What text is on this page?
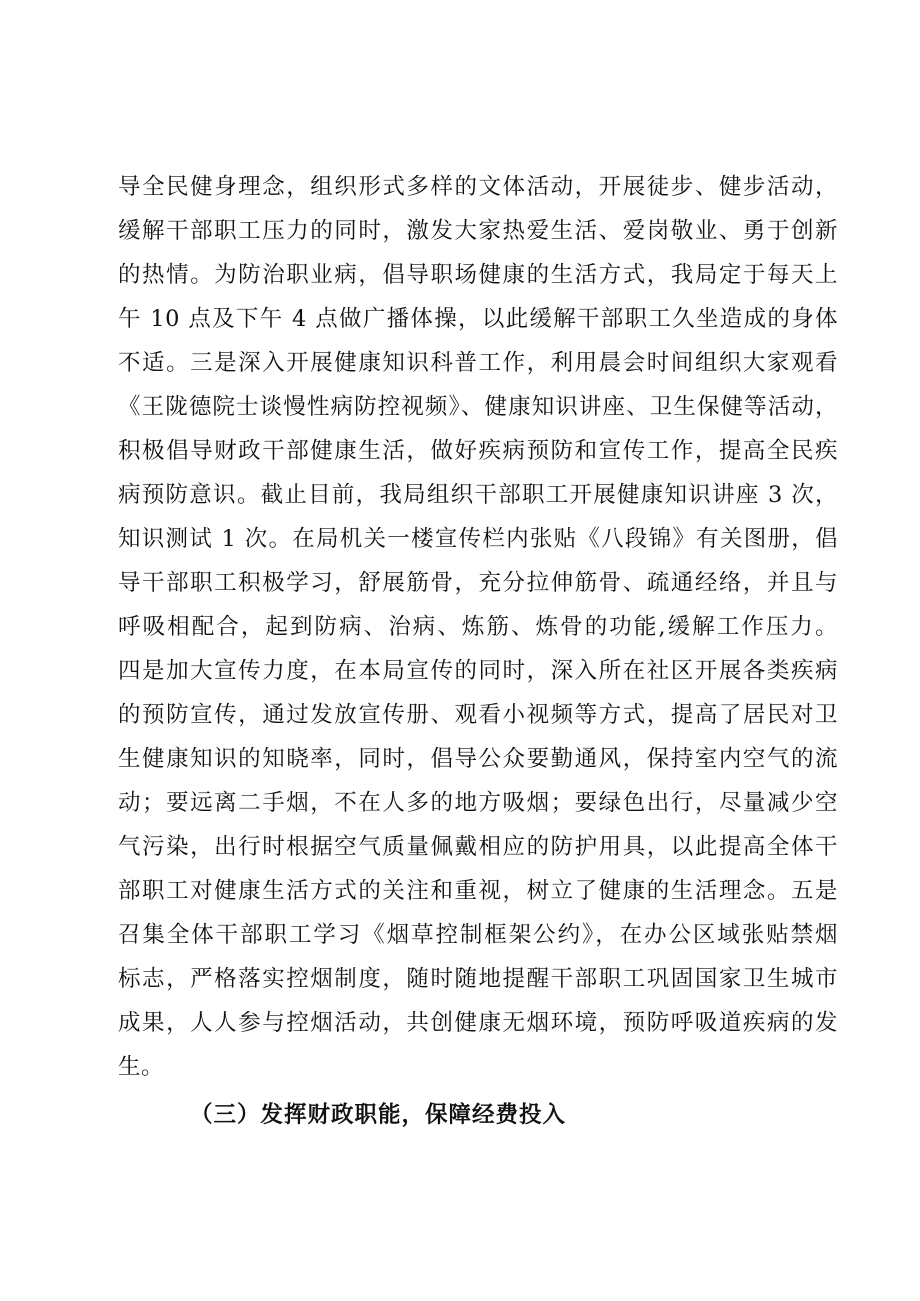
导全民健身理念，组织形式多样的文体活动，开展徒步、健步活动，
缓解干部职工压力的同时，激发大家热爱生活、爱岗敬业、勇于创新
的热情。为防治职业病，倡导职场健康的生活方式，我局定于每天上
午 10 点及下午 4 点做广播体操，以此缓解干部职工久坐造成的身体
不适。三是深入开展健康知识科普工作，利用晨会时间组织大家观看
《王陇德院士谈慢性病防控视频》、健康知识讲座、卫生保健等活动，
积极倡导财政干部健康生活，做好疾病预防和宣传工作，提高全民疾
病预防意识。截止目前，我局组织干部职工开展健康知识讲座 3 次，
知识测试 1 次。在局机关一楼宣传栏内张贴《八段锦》有关图册，倡
导干部职工积极学习，舒展筋骨，充分拉伸筋骨、疏通经络，并且与
呼吸相配合，起到防病、治病、炼筋、炼骨的功能,缓解工作压力。
四是加大宣传力度，在本局宣传的同时，深入所在社区开展各类疾病
的预防宣传，通过发放宣传册、观看小视频等方式，提高了居民对卫
生健康知识的知晓率，同时，倡导公众要勤通风，保持室内空气的流
动；要远离二手烟，不在人多的地方吸烟；要绿色出行，尽量减少空
气污染，出行时根据空气质量佩戴相应的防护用具，以此提高全体干
部职工对健康生活方式的关注和重视，树立了健康的生活理念。五是
召集全体干部职工学习《烟草控制框架公约》，在办公区域张贴禁烟
标志，严格落实控烟制度，随时随地提醒干部职工巩固国家卫生城市
成果，人人参与控烟活动，共创健康无烟环境，预防呼吸道疾病的发
生。
（三）发挥财政职能，保障经费投入
